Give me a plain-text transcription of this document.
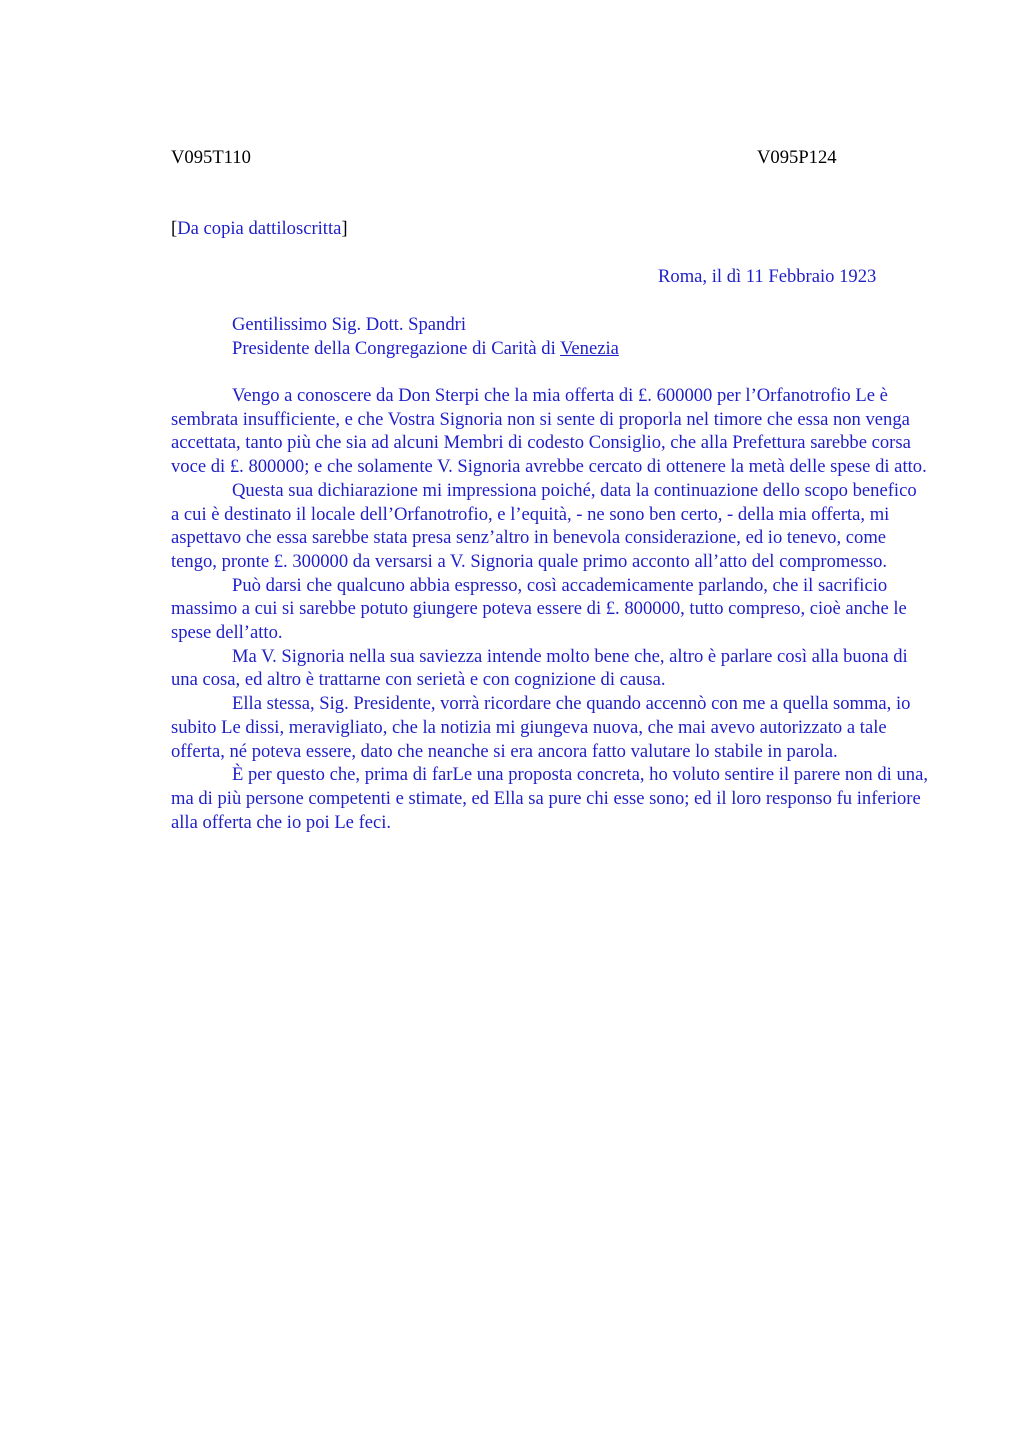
V095T110	V095P124
[Da copia dattiloscritta]
Roma, il dì 11 Febbraio 1923
Gentilissimo Sig. Dott. Spandri
Presidente della Congregazione di Carità di Venezia

Vengo a conoscere da Don Sterpi che la mia offerta di £. 600000 per l’Orfanotrofio Le è sembrata insufficiente, e che Vostra Signoria non si sente di proporla nel timore che essa non venga accettata, tanto più che sia ad alcuni Membri di codesto Consiglio, che alla Prefettura sarebbe corsa voce di £. 800000; e che solamente V. Signoria avrebbe cercato di ottenere la metà delle spese di atto.

Questa sua dichiarazione mi impressiona poiché, data la continuazione dello scopo benefico a cui è destinato il locale dell’Orfanotrofio, e l’equità, - ne sono ben certo, - della mia offerta, mi aspettavo che essa sarebbe stata presa senz’altro in benevola considerazione, ed io tenevo, come tengo, pronte £. 300000 da versarsi a V. Signoria quale primo acconto all’atto del compromesso.

Può darsi che qualcuno abbia espresso, così accademicamente parlando, che il sacrificio massimo a cui si sarebbe potuto giungere poteva essere di £. 800000, tutto compreso, cioè anche le spese dell’atto.

Ma V. Signoria nella sua saviezza intende molto bene che, altro è parlare così alla buona di una cosa, ed altro è trattarne con serietà e con cognizione di causa.

Ella stessa, Sig. Presidente, vorrà ricordare che quando accennò con me a quella somma, io subito Le dissi, meravigliato, che la notizia mi giungeva nuova, che mai avevo autorizzato a tale offerta, né poteva essere, dato che neanche si era ancora fatto valutare lo stabile in parola.

È per questo che, prima di farLe una proposta concreta, ho voluto sentire il parere non di una, ma di più persone competenti e stimate, ed Ella sa pure chi esse sono; ed il loro responso fu inferiore alla offerta che io poi Le feci.
